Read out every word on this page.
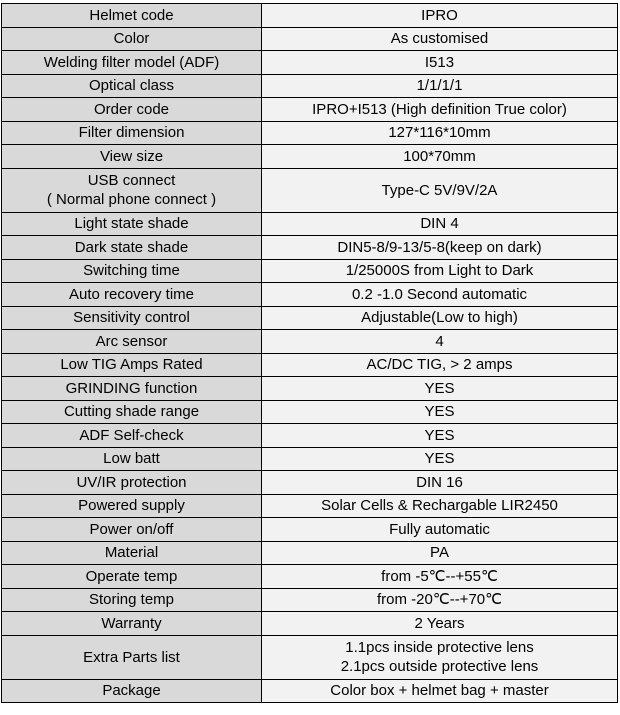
Helmet code	IPRO
Color	As customised
Welding filter model (ADF)	I513
Optical class	1/1/1/1
Order code	IPRO+I513 (High definition True color)
Filter dimension	127*116*10mm
View size	100*70mm

USB connect
( Normal phone connect )	Type-C 5V/9V/2A
Light state shade	DIN 4
Dark state shade	DIN5-8/9-13/5-8(keep on dark)
Switching time	1/25000S from Light to Dark
Auto recovery time	0.2 -1.0 Second automatic
Sensitivity control	Adjustable(Low to high)
Arc sensor	4
Low TIG Amps Rated	AC/DC TIG, > 2 amps
GRINDING function	YES
Cutting shade range	YES
ADF Self-check	YES
Low batt	YES
UV/IR protection	DIN 16
Powered supply	Solar Cells & Rechargable LIR2450
Power on/off	Fully automatic
Material	PA
Operate temp	from -5℃--+55℃
Storing temp	from -20℃--+70℃
Warranty	2 Years
Extra Parts list	1.1pcs inside protective lens
2.1pcs outside protective lens

Package	Color box + helmet bag + master
